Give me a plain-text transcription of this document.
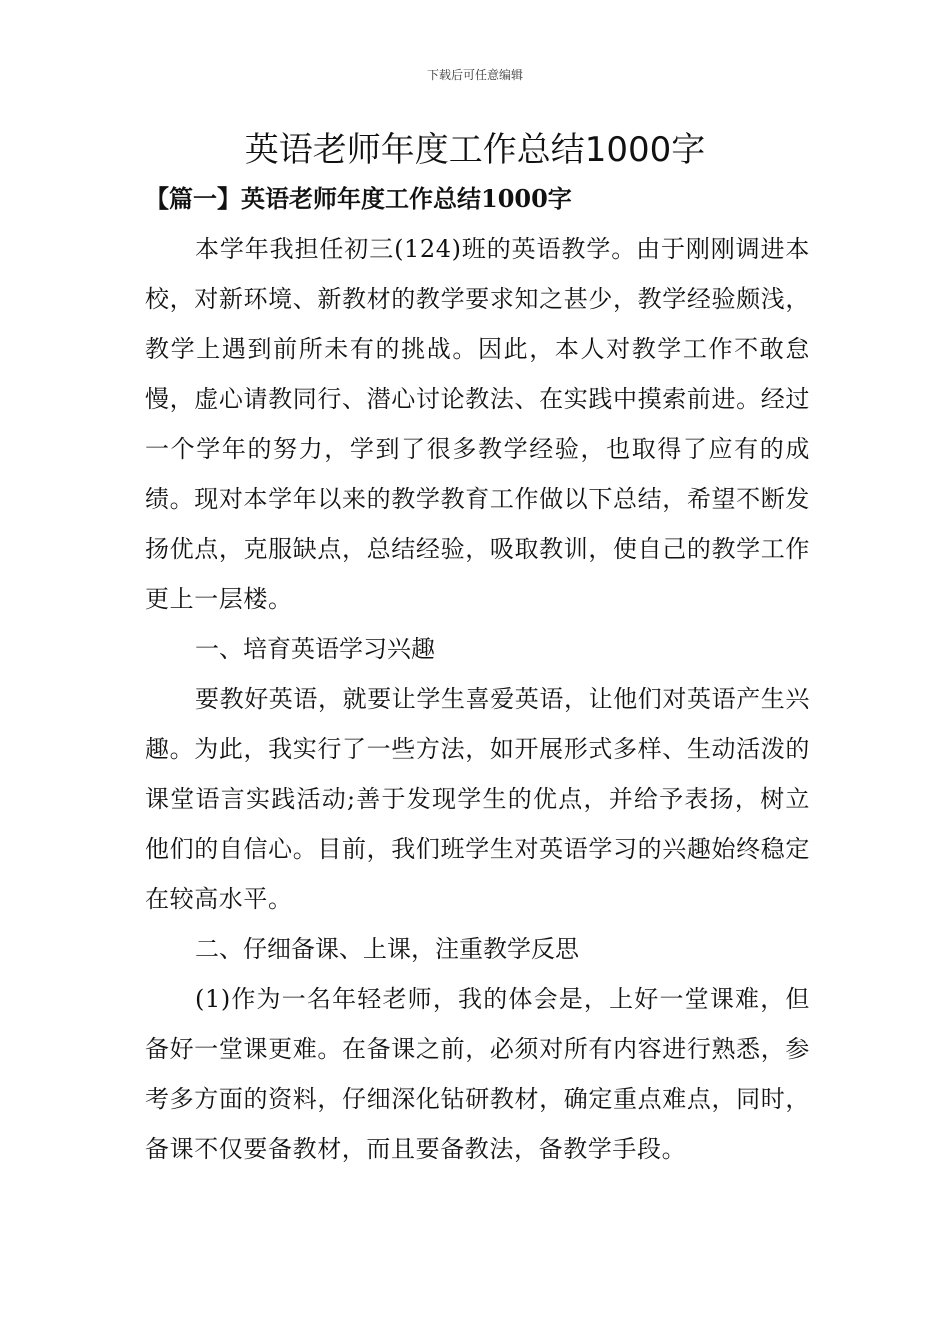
下载后可任意编辑
英语老师年度工作总结1000字
【篇一】英语老师年度工作总结1000字

本学年我担任初三(124)班的英语教学。由于刚刚调进本校，对新环境、新教材的教学要求知之甚少，教学经验颇浅，教学上遇到前所未有的挑战。因此，本人对教学工作不敢怠慢，虚心请教同行、潜心讨论教法、在实践中摸索前进。经过一个学年的努力，学到了很多教学经验，也取得了应有的成绩。现对本学年以来的教学教育工作做以下总结，希望不断发扬优点，克服缺点，总结经验，吸取教训，使自己的教学工作更上一层楼。

一、培育英语学习兴趣

要教好英语，就要让学生喜爱英语，让他们对英语产生兴趣。为此，我实行了一些方法，如开展形式多样、生动活泼的课堂语言实践活动;善于发现学生的优点，并给予表扬，树立他们的自信心。目前，我们班学生对英语学习的兴趣始终稳定在较高水平。

二、仔细备课、上课，注重教学反思

(1)作为一名年轻老师，我的体会是，上好一堂课难，但备好一堂课更难。在备课之前，必须对所有内容进行熟悉，参考多方面的资料，仔细深化钻研教材，确定重点难点，同时，备课不仅要备教材，而且要备教法，备教学手段。
